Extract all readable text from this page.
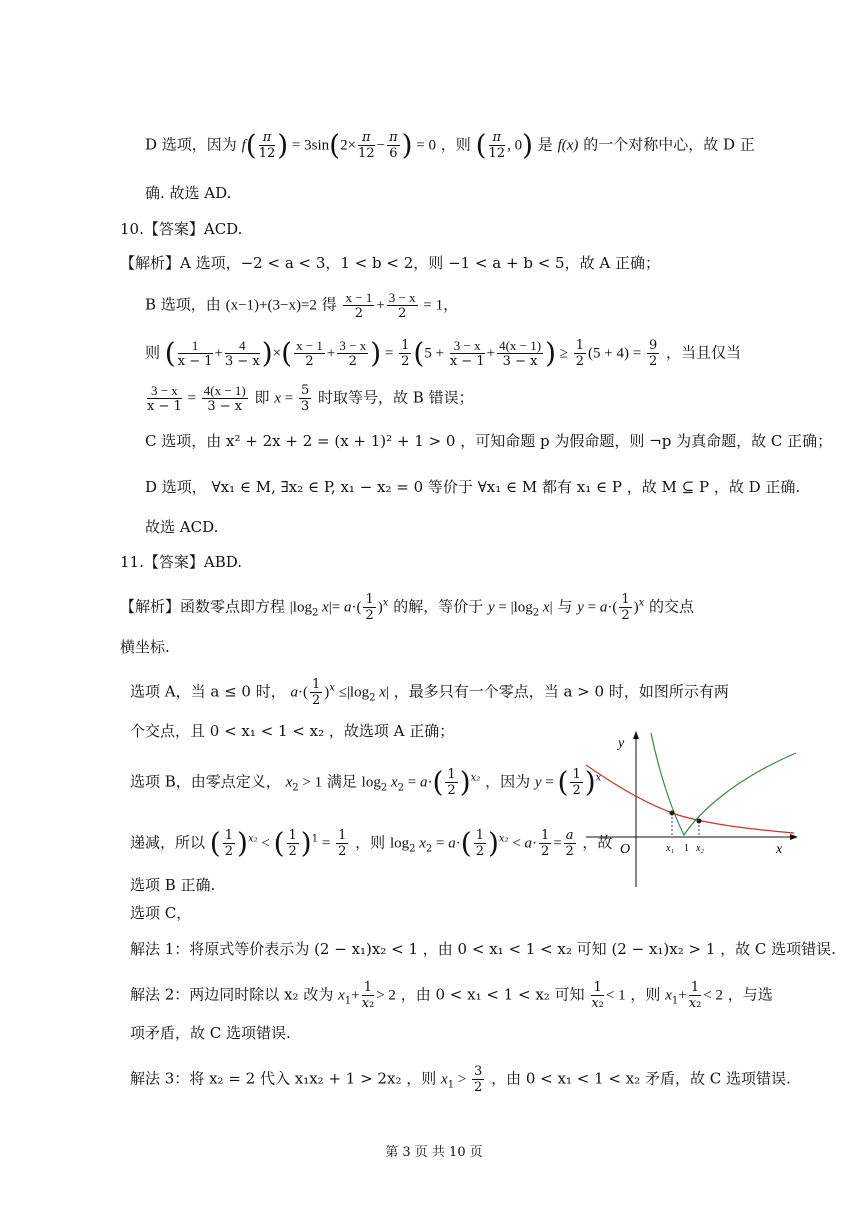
D 选项，因为 $f( \frac{\pi}{12}$ ) = $3\sin(2\times \frac{\pi}{12} - \frac{\pi}{6}$ ) = 0 ，则 ( $\frac{\pi}{12}$ , 0) 是 f(x) 的一个对称中心，故 D 正
确. 故选 AD.
10.【答案】ACD.
【解析】A 选项，−2 < a < 3，1 < b < 2，则 −1 < a + b < 5，故 A 正确；
B 选项，由 (x−1)+(3−x)=2 得 $\frac{x - 1}{2} + \frac{3 - x}{2} = 1$，
则 ( $\frac{1}{x - 1} + \frac{4}{3 - x}$ )×( $\frac{x - 1}{2} + \frac{3 - x}{2}$ ) = $\frac{1}{2} (5 + \frac{3 - x}{x - 1} + \frac{4(x - 1)}{3 - x}$ ) ≥ $\frac{1}{2} (5 + 4) = \frac{9}{2}$ ，当且仅当
$\frac{3 - x}{x - 1} = \frac{4(x - 1)}{3 - x}$ 即 $x = \frac{5}{3}$ 时取等号，故 B 错误；
C 选项，由 x² + 2x + 2 = (x + 1)² + 1 > 0 ，可知命题 p 为假命题，则 ¬p 为真命题，故 C 正确；
D 选项， ∀x₁ ∈ M, ∃x₂ ∈ P, x₁ − x₂ = 0 等价于 ∀x₁ ∈ M 都有 x₁ ∈ P ，故 M ⊆ P ，故 D 正确.
故选 ACD.
11.【答案】ABD.
【解析】函数零点即方程 $|\log_2$ $x|= a\cdot( \frac{1}{2} )^x$ 的解，等价于 $y = |\log_2$ x| 与 $y = a\cdot( \frac{1}{2} )^x$ 的交点
横坐标.
选项 A，当 a ≤ 0 时， $a\cdot( \frac{1}{2} )^x \le|\log_2$ x| ，最多只有一个零点，当 a > 0 时，如图所示有两
个交点，且 0 < x₁ < 1 < x₂ ，故选项 A 正确；
选项 B，由零点定义， $x_2 > 1$ 满足 $\log_2 x_2 = a\cdot( \frac{1}{2} )^{x_2}$ ，因为 y = ( $\frac{1}{2} )^x$
递减，所以 ( $\frac{1}{2} )^{x_2}$ < ( $\frac{1}{2} )^1 = \frac{1}{2}$ ，则 $\log_2 x_2 = a\cdot( \frac{1}{2} )^{x_2} < a\cdot \frac{1}{2} = \frac{a}{2}$ ，故
选项 B 正确.
选项 C，
解法 1：将原式等价表示为 (2 − x₁)x₂ < 1 ，由 0 < x₁ < 1 < x₂ 可知 (2 − x₁)x₂ > 1 ，故 C 选项错误.
解法 2：两边同时除以 x₂ 改为 $x_1+ \frac{1}{\text{x₂}} > 2$ ，由 0 < x₁ < 1 < x₂ 可知 $\frac{1}{\text{x₂}} < 1$ ，则 $x_1+ \frac{1}{\text{x₂}} < 2$ ，与选
项矛盾，故 C 选项错误.
解法 3：将 x₂ = 2 代入 x₁x₂ + 1 > 2x₂ ，则 $x_1 > \frac{3}{2}$ ，由 0 < x₁ < 1 < x₂ 矛盾，故 C 选项错误.
y
x
O	x₁ 1 x₂
第 3 页 共 10 页
